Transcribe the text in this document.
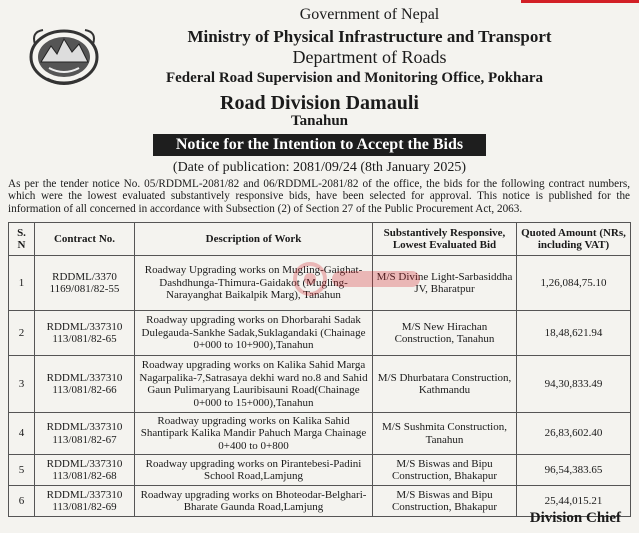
Government of Nepal
Ministry of Physical Infrastructure and Transport
Department of Roads
Federal Road Supervision and Monitoring Office, Pokhara
Road Division Damauli
Tanahun
Notice for the Intention to Accept the Bids
(Date of publication: 2081/09/24 (8th January 2025)
As per the tender notice No. 05/RDDML-2081/82 and 06/RDDML-2081/82 of the office, the bids for the following contract numbers, which were the lowest evaluated substantively responsive bids, have been selected for approval. This notice is published for the information of all concerned in accordance with Subsection (2) of Section 27 of the Public Procurement Act, 2063.
S. N	Contract No.	Description of Work	Substantively Responsive, Lowest Evaluated Bid	Quoted Amount (NRs, including VAT)
1	RDDML/3370 1169/081/82-55	Roadway Upgrading works on Mugling-Gaighat-Dashdhunga-Thimura-Gaidakot (Mugling-Narayanghat Baikalpik Marg), Tanahun	M/S Divine Light-Sarbasiddha JV, Bharatpur	1,26,084,75.10
2	RDDML/337310 113/081/82-65	Roadway upgrading works on Dhorbarahi Sadak Dulegauda-Sankhe Sadak,Suklagandaki (Chainage 0+000 to 10+900),Tanahun	M/S New Hirachan Construction, Tanahun	18,48,621.94
3	RDDML/337310 113/081/82-66	Roadway upgrading works on Kalika Sahid Marga Nagarpalika-7,Satrasaya dekhi ward no.8 and Sahid Gaun Pulimaryang Lauribisauni Road(Chainage 0+000 to 15+000),Tanahun	M/S Dhurbatara Construction, Kathmandu	94,30,833.49
4	RDDML/337310 113/081/82-67	Roadway upgrading works on Kalika Sahid Shantipark Kalika Mandir Pahuch Marga Chainage 0+400 to 0+800	M/S Sushmita Construction, Tanahun	26,83,602.40
5	RDDML/337310 113/081/82-68	Roadway upgrading works on Pirantebesi-Padini School Road,Lamjung	M/S Biswas and Bipu Construction, Bhakapur	96,54,383.65
6	RDDML/337310 113/081/82-69	Roadway upgrading works on Bhoteodar-Belghari-Bharate Gaunda Road,Lamjung	M/S Biswas and Bipu Construction, Bhakapur	25,44,015.21
Division Chief
